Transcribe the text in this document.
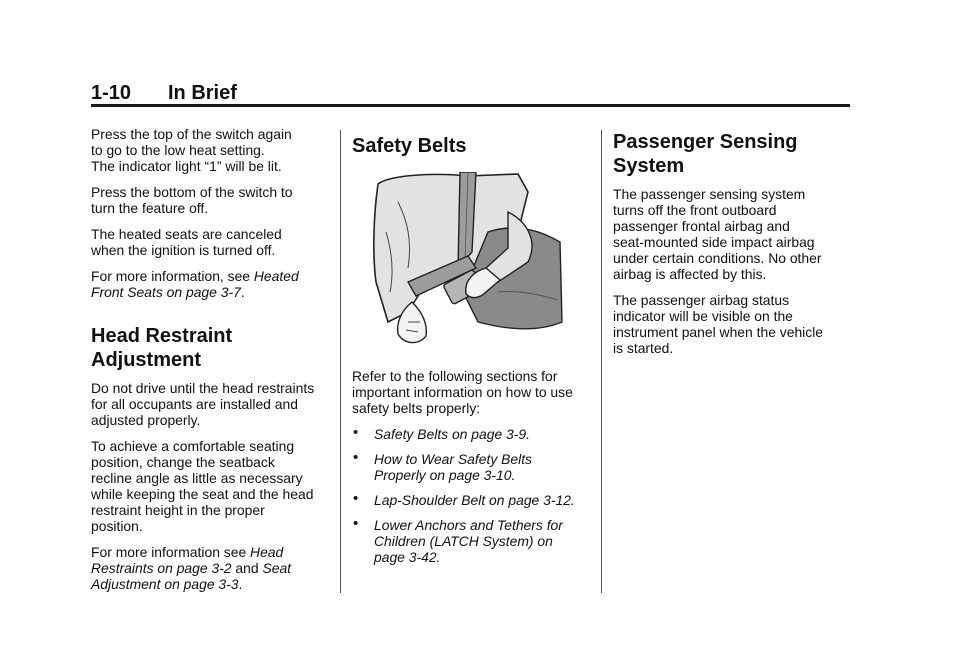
1-10 In Brief

Press the top of the switch again
to go to the low heat setting.
The indicator light “1” will be lit.

Press the bottom of the switch to
turn the feature off.

The heated seats are canceled
when the ignition is turned off.

For more information, see Heated
Front Seats on page 3-7.

Head Restraint
Adjustment

Do not drive until the head restraints
for all occupants are installed and
adjusted properly.

To achieve a comfortable seating
position, change the seatback
recline angle as little as necessary
while keeping the seat and the head
restraint height in the proper
position.

For more information see Head
Restraints on page 3-2 and Seat
Adjustment on page 3-3.

Safety Belts

Refer to the following sections for
important information on how to use
safety belts properly:

• Safety Belts on page 3-9.
• How to Wear Safety Belts
Properly on page 3-10.
• Lap-Shoulder Belt on page 3-12.
• Lower Anchors and Tethers for
Children (LATCH System) on
page 3-42.
Passenger Sensing
System

The passenger sensing system
turns off the front outboard
passenger frontal airbag and
seat-mounted side impact airbag
under certain conditions. No other
airbag is affected by this.

The passenger airbag status
indicator will be visible on the
instrument panel when the vehicle
is started.
